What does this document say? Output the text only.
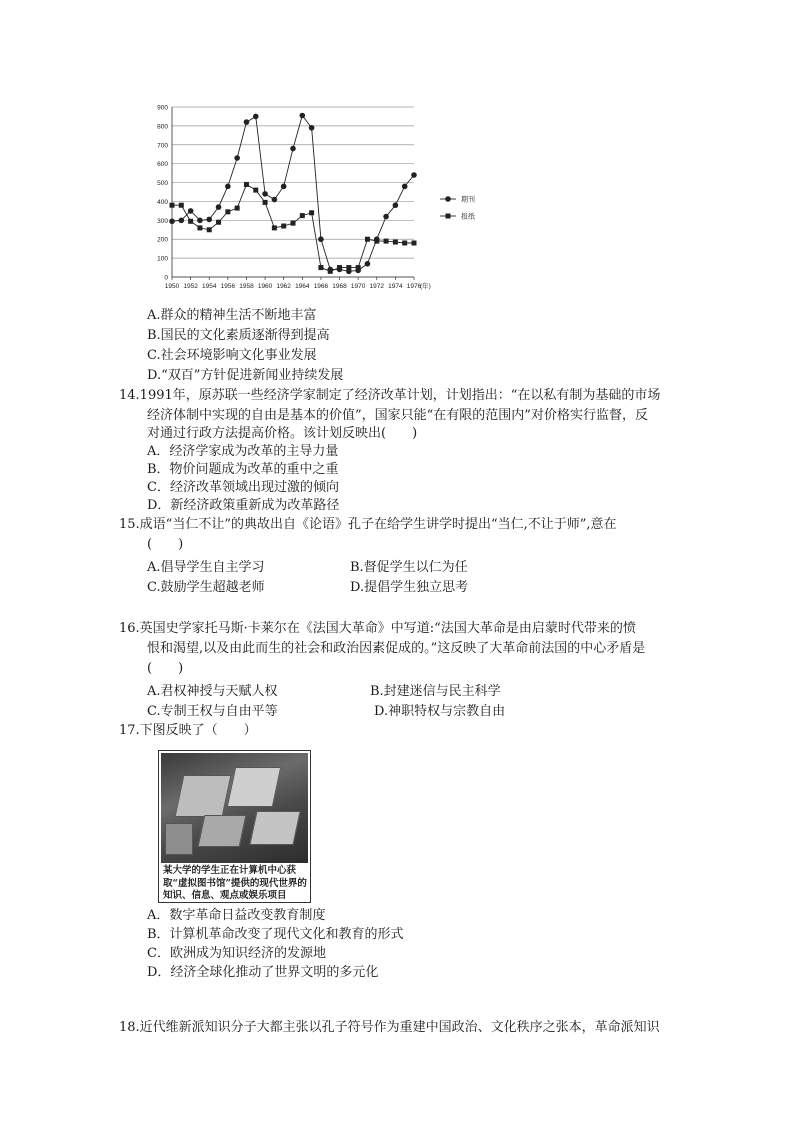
0
100
200
300
400
500
600
700
800
900
1950 1952 1954 1956 1958 1960 1962 1964 1966 1968 1970 1972 1974 1976
(年)
期刊
报纸
A.群众的精神生活不断地丰富
B.国民的文化素质逐渐得到提高
C.社会环境影响文化事业发展
D.“双百”方针促进新闻业持续发展
14.1991年，原苏联一些经济学家制定了经济改革计划，计划指出：“在以私有制为基础的市场
经济体制中实现的自由是基本的价值”，国家只能“在有限的范围内”对价格实行监督，反
对通过行政方法提高价格。该计划反映出(　　)
A．经济学家成为改革的主导力量
B．物价问题成为改革的重中之重
C．经济改革领域出现过激的倾向
D．新经济政策重新成为改革路径
15.成语“当仁不让”的典故出自《论语》孔子在给学生讲学时提出“当仁,不让于师”,意在
(　　)
A.倡导学生自主学习	B.督促学生以仁为任
C.鼓励学生超越老师	D.提倡学生独立思考
16.英国史学家托马斯·卡莱尔在《法国大革命》中写道:“法国大革命是由启蒙时代带来的愤
恨和渴望,以及由此而生的社会和政治因素促成的。”这反映了大革命前法国的中心矛盾是
(　　)
A.君权神授与天赋人权	B.封建迷信与民主科学
C.专制王权与自由平等	D.神职特权与宗教自由
17.下图反映了（　　）
某大学的学生正在计算机中心获取“虚拟图书馆”提供的现代世界的知识、信息、观点或娱乐项目
A．数字革命日益改变教育制度
B．计算机革命改变了现代文化和教育的形式
C．欧洲成为知识经济的发源地
D．经济全球化推动了世界文明的多元化
18.近代维新派知识分子大都主张以孔子符号作为重建中国政治、文化秩序之张本，革命派知识
